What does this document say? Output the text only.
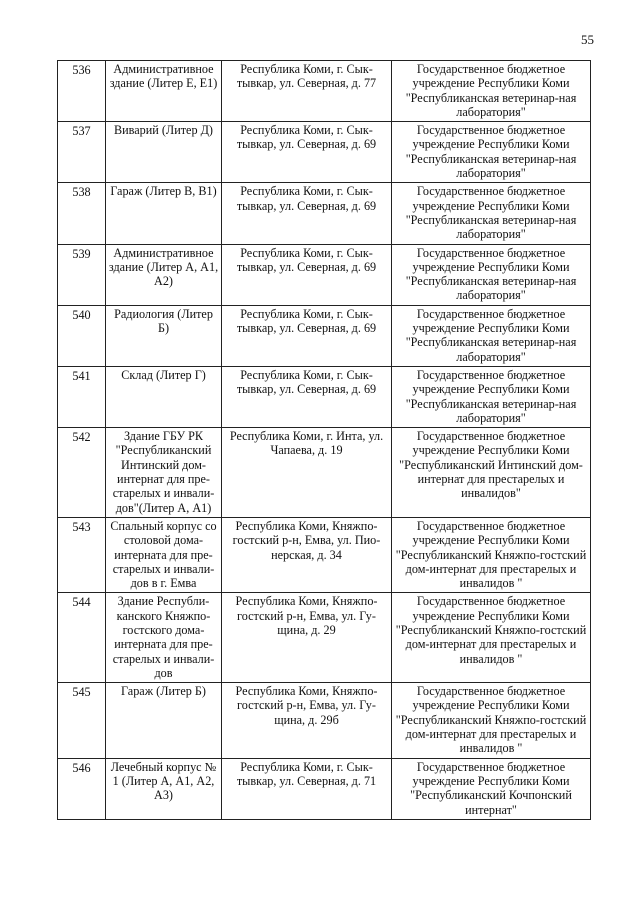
55
536	Административное здание (Литер Е, Е1)	Республика Коми, г. Сык-тывкар, ул. Северная, д. 77	Государственное бюджетное учреждение Республики Коми "Республиканская ветеринар-ная лаборатория"
537	Виварий (Литер Д)	Республика Коми, г. Сык-тывкар, ул. Северная, д. 69	Государственное бюджетное учреждение Республики Коми "Республиканская ветеринар-ная лаборатория"
538	Гараж (Литер В, В1)	Республика Коми, г. Сык-тывкар, ул. Северная, д. 69	Государственное бюджетное учреждение Республики Коми "Республиканская ветеринар-ная лаборатория"
539	Административное здание (Литер А, А1, А2)	Республика Коми, г. Сык-тывкар, ул. Северная, д. 69	Государственное бюджетное учреждение Республики Коми "Республиканская ветеринар-ная лаборатория"
540	Радиология (Литер Б)	Республика Коми, г. Сык-тывкар, ул. Северная, д. 69	Государственное бюджетное учреждение Республики Коми "Республиканская ветеринар-ная лаборатория"
541	Склад (Литер Г)	Республика Коми, г. Сык-тывкар, ул. Северная, д. 69	Государственное бюджетное учреждение Республики Коми "Республиканская ветеринар-ная лаборатория"
542	Здание ГБУ РК "Республиканский Интинский дом-интернат для пре-старелых и инвали-дов"(Литер А, А1)	Республика Коми, г. Инта, ул. Чапаева, д. 19	Государственное бюджетное учреждение Республики Коми "Республиканский Интинский дом-интернат для престарелых и инвалидов"
543	Спальный корпус со столовой дома-интерната для пре-старелых и инвали-дов в г. Емва	Республика Коми, Княжпо-гостский р-н, Емва, ул. Пио-нерская, д. 34	Государственное бюджетное учреждение Республики Коми "Республиканский Княжпо-гостский дом-интернат для престарелых и инвалидов "
544	Здание Республи-канского Княжпо-гостского дома-интерната для пре-старелых и инвали-дов	Республика Коми, Княжпо-гостский р-н, Емва, ул. Гу-щина, д. 29	Государственное бюджетное учреждение Республики Коми "Республиканский Княжпо-гостский дом-интернат для престарелых и инвалидов "
545	Гараж (Литер Б)	Республика Коми, Княжпо-гостский р-н, Емва, ул. Гу-щина, д. 29б	Государственное бюджетное учреждение Республики Коми "Республиканский Княжпо-гостский дом-интернат для престарелых и инвалидов "
546	Лечебный корпус № 1 (Литер А, А1, А2, А3)	Республика Коми, г. Сык-тывкар, ул. Северная, д. 71	Государственное бюджетное учреждение Республики Коми "Республиканский Кочпонский интернат"
